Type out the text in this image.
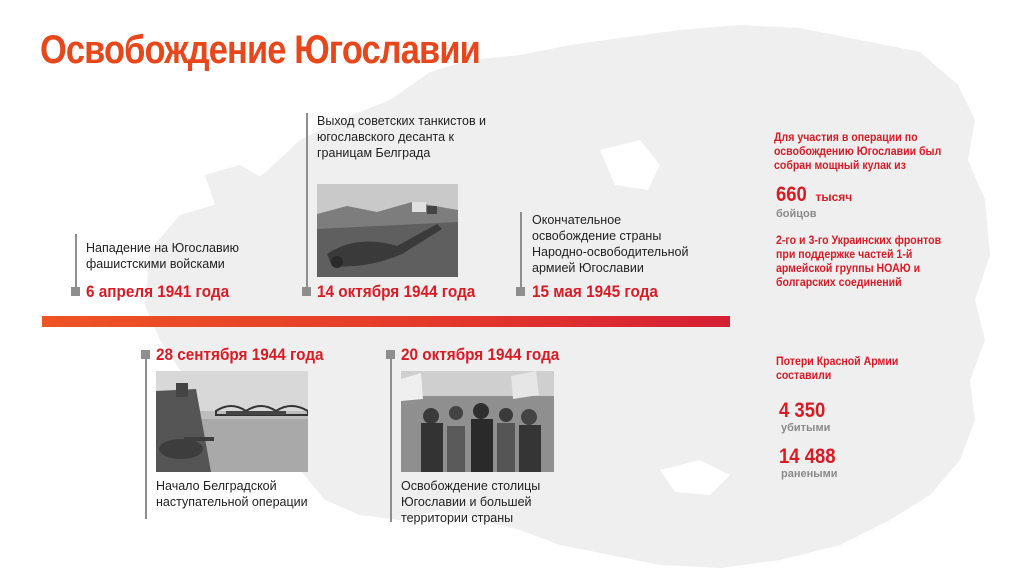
Освобождение Югославии

Нападение на Югославию фашистскими войсками

6 апреля 1941 года

Выход советских танкистов и югославского десанта к границам Белграда

14 октября 1944 года

Окончательное освобождение страны Народно-освободительной армией Югославии

15 мая 1945 года

28 сентября 1944 года

Начало Белградской наступательной операции

20 октября 1944 года

Освобождение столицы Югославии и большей территории страны

Для участия в операции по освобождению Югославии был собран мощный кулак из

660 тысяч

бойцов

2-го и 3-го Украинских фронтов при поддержке частей 1-й армейской группы НОАЮ и болгарских соединений

Потери Красной Армии составили

4 350

убитыми

14 488

ранеными
